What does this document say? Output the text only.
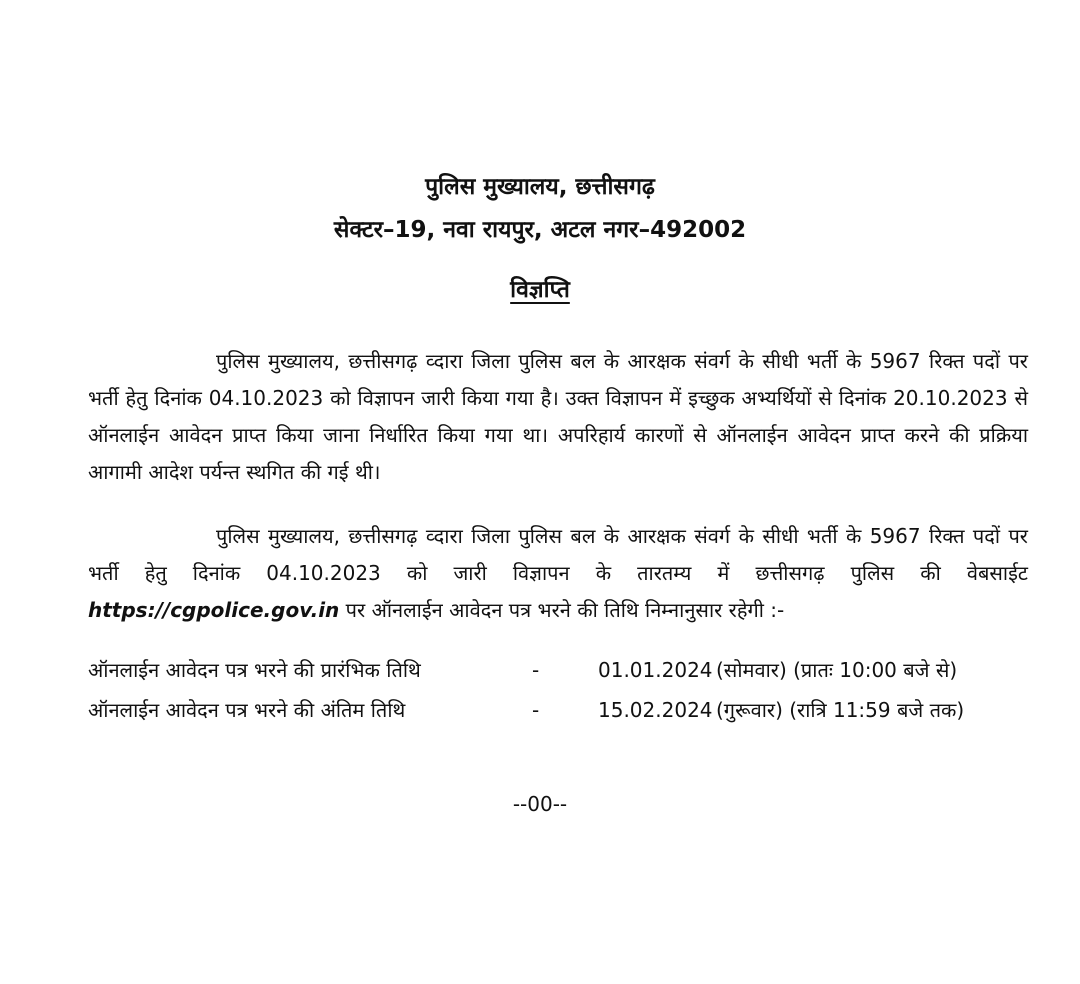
पुलिस मुख्यालय, छत्तीसगढ़
सेक्टर–19, नवा रायपुर, अटल नगर–492002
विज्ञप्ति
पुलिस मुख्यालय, छत्तीसगढ़ व्दारा जिला पुलिस बल के आरक्षक संवर्ग के सीधी भर्ती के 5967 रिक्त पदों पर भर्ती हेतु दिनांक 04.10.2023 को विज्ञापन जारी किया गया है। उक्त विज्ञापन में इच्छुक अभ्यर्थियों से दिनांक 20.10.2023 से ऑनलाईन आवेदन प्राप्त किया जाना निर्धारित किया गया था। अपरिहार्य कारणों से ऑनलाईन आवेदन प्राप्त करने की प्रक्रिया आगामी आदेश पर्यन्त स्थगित की गई थी।
पुलिस मुख्यालय, छत्तीसगढ़ व्दारा जिला पुलिस बल के आरक्षक संवर्ग के सीधी भर्ती के 5967 रिक्त पदों पर भर्ती हेतु दिनांक 04.10.2023 को जारी विज्ञापन के तारतम्य में छत्तीसगढ़ पुलिस की वेबसाईट https://cgpolice.gov.in पर ऑनलाईन आवेदन पत्र भरने की तिथि निम्नानुसार रहेगी :-
ऑनलाईन आवेदन पत्र भरने की प्रारंभिक तिथि	-	01.01.2024 (सोमवार) (प्रातः 10:00 बजे से)
ऑनलाईन आवेदन पत्र भरने की अंतिम तिथि	-	15.02.2024 (गुरूवार) (रात्रि 11:59 बजे तक)
--00--
